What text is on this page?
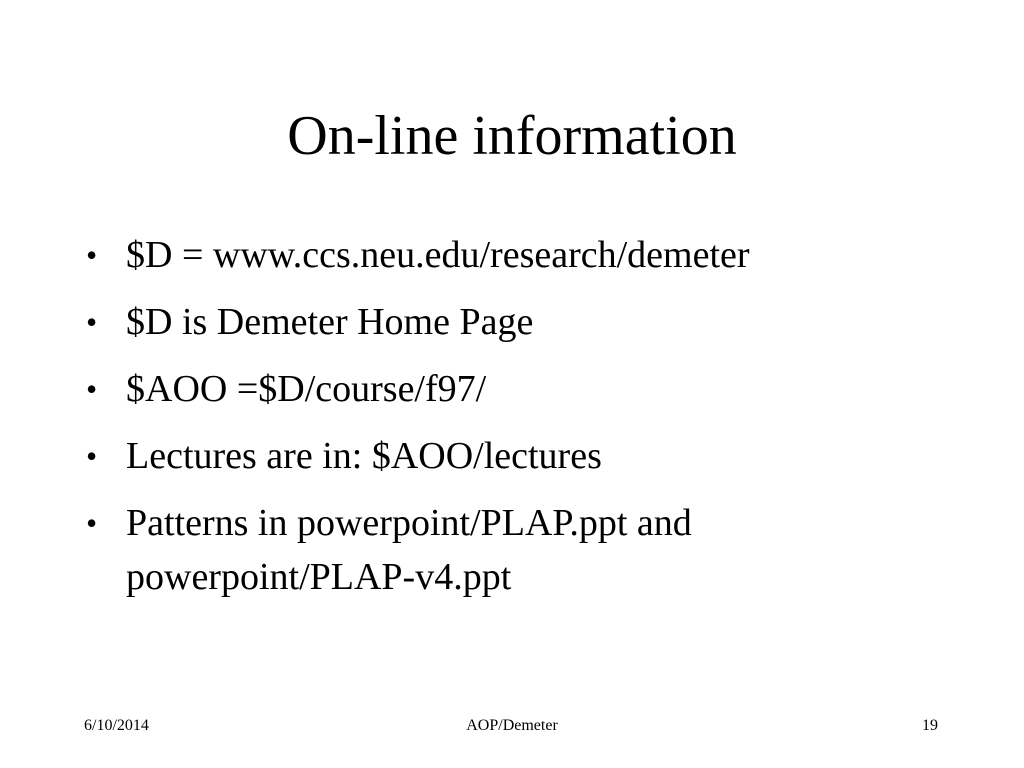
On-line information
• $D = www.ccs.neu.edu/research/demeter
• $D is Demeter Home Page
• $AOO =$D/course/f97/
• Lectures are in: $AOO/lectures
• Patterns in powerpoint/PLAP.ppt and powerpoint/PLAP-v4.ppt
6/10/2014	AOP/Demeter	19
